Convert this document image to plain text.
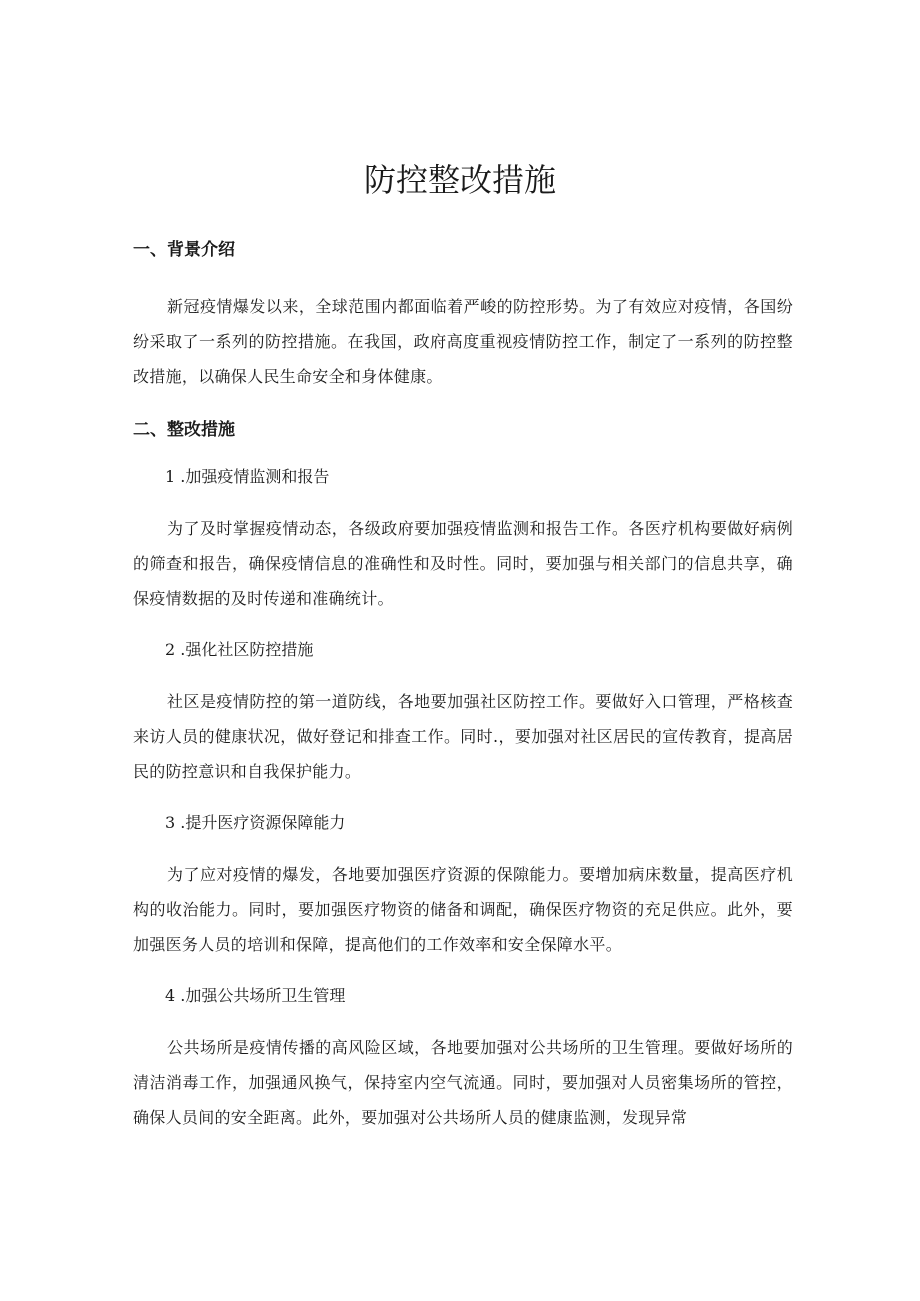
防控整改措施
一、背景介绍

新冠疫情爆发以来，全球范围内都面临着严峻的防控形势。为了有效应对疫情，各国纷纷采取了一系列的防控措施。在我国，政府高度重视疫情防控工作，制定了一系列的防控整改措施，以确保人民生命安全和身体健康。

二、整改措施
1 .加强疫情监测和报告

为了及时掌握疫情动态，各级政府要加强疫情监测和报告工作。各医疗机构要做好病例的筛查和报告，确保疫情信息的准确性和及时性。同时，要加强与相关部门的信息共享，确保疫情数据的及时传递和准确统计。

2 .强化社区防控措施

社区是疫情防控的第一道防线，各地要加强社区防控工作。要做好入口管理，严格核查来访人员的健康状况，做好登记和排查工作。同时.，要加强对社区居民的宣传教育，提高居民的防控意识和自我保护能力。

3 .提升医疗资源保障能力

为了应对疫情的爆发，各地要加强医疗资源的保隙能力。要增加病床数量，提高医疗机构的收治能力。同时，要加强医疗物资的储备和调配，确保医疗物资的充足供应。此外，要加强医务人员的培训和保障，提高他们的工作效率和安全保障水平。

4 .加强公共场所卫生管理

公共场所是疫情传播的高风险区域，各地要加强对公共场所的卫生管理。要做好场所的清洁消毒工作，加强通风换气，保持室内空气流通。同时，要加强对人员密集场所的管控，确保人员间的安全距离。此外，要加强对公共场所人员的健康监测，发现异常
